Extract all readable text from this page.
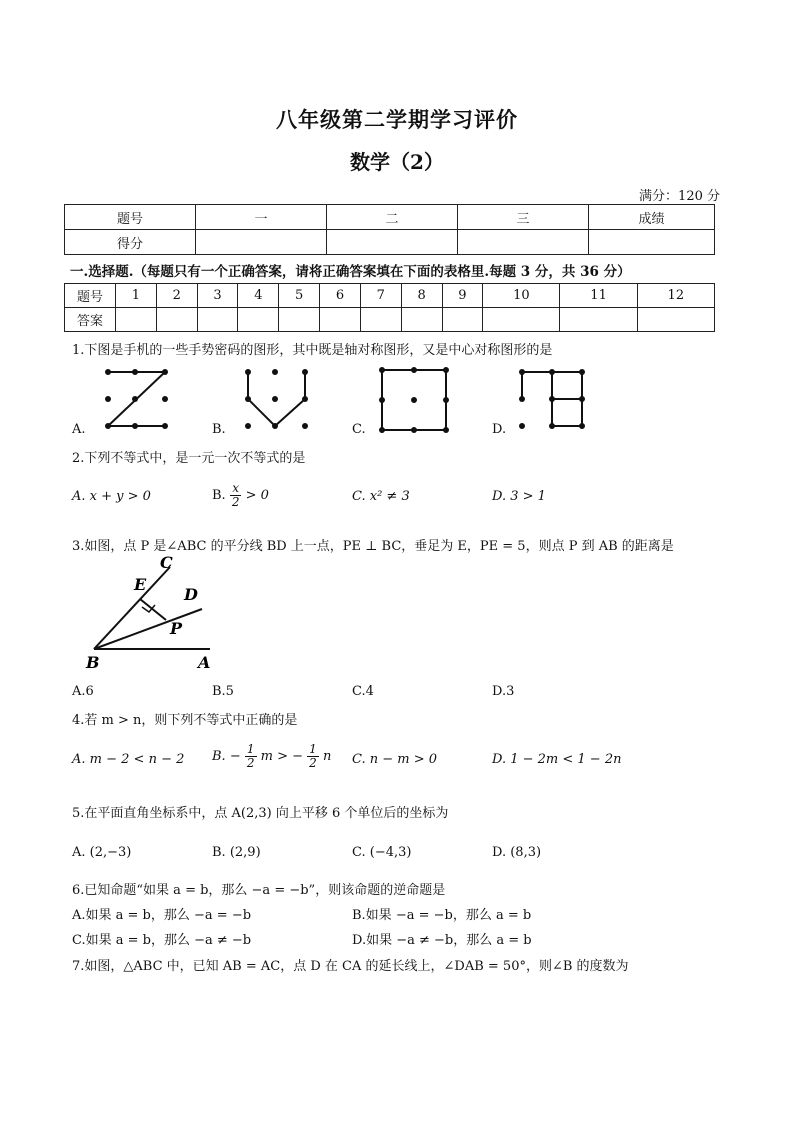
八年级第二学期学习评价
数学（2）
满分：120 分
题号	一	二	三	成绩
得分				
一.选择题.（每题只有一个正确答案，请将正确答案填在下面的表格里.每题 3 分，共 36 分）
题号	1	2	3	4	5	6	7	8	9	10	11	12
答案												
1.下图是手机的一些手势密码的图形，其中既是轴对称图形，又是中心对称图形的是
A.	B.	C.	D.
2.下列不等式中，是一元一次不等式的是
A. x + y > 0	B. $\frac{x}{2} > 0$	C. x² ≠ 3	D. 3 > 1
3.如图，点 P 是∠ABC 的平分线 BD 上一点，PE ⊥ BC，垂足为 E，PE = 5，则点 P 到 AB 的距离是
C
E
D
P
B	A
A.6	B.5	C.4	D.3
4.若 m > n，则下列不等式中正确的是
A. m − 2 < n − 2 B. − $\frac{1}{2}$ m > − $\frac{1}{2}$ n C. n − m > 0	D. 1 − 2m < 1 − 2n
5.在平面直角坐标系中，点 A(2,3) 向上平移 6 个单位后的坐标为
A. (2,−3)	B. (2,9)	C. (−4,3)	D. (8,3)
6.已知命题“如果 a = b，那么 −a = −b”，则该命题的逆命题是
A.如果 a = b，那么 −a = −b	B.如果 −a = −b，那么 a = b
C.如果 a = b，那么 −a ≠ −b	D.如果 −a ≠ −b，那么 a = b
7.如图，△ABC 中，已知 AB = AC，点 D 在 CA 的延长线上，∠DAB = 50°，则∠B 的度数为
